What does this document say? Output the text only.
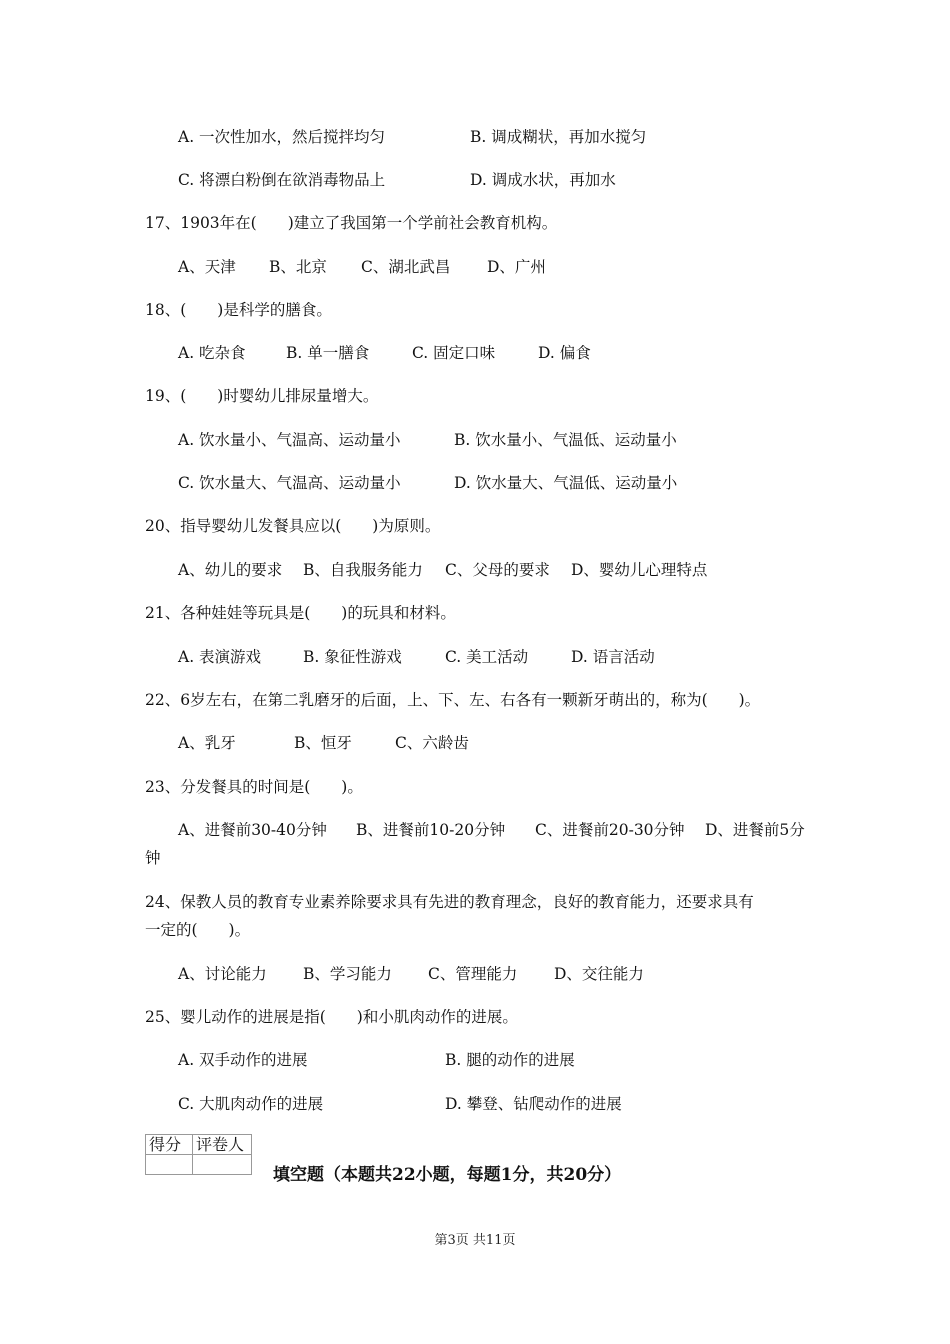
A. 一次性加水，然后搅拌均匀	B. 调成糊状，再加水搅匀
C. 将漂白粉倒在欲消毒物品上	D. 调成水状，再加水
17、1903年在(　　)建立了我国第一个学前社会教育机构。
A、天津 B、北京 C、湖北武昌 D、广州
18、(　　)是科学的膳食。
A. 吃杂食	B. 单一膳食	C. 固定口味	D. 偏食
19、(　　)时婴幼儿排尿量增大。
A. 饮水量小、气温高、运动量小	B. 饮水量小、气温低、运动量小
C. 饮水量大、气温高、运动量小	D. 饮水量大、气温低、运动量小
20、指导婴幼儿发餐具应以(　　)为原则。
A、幼儿的要求 B、自我服务能力 C、父母的要求 D、婴幼儿心理特点
21、各种娃娃等玩具是(　　)的玩具和材料。
A. 表演游戏	B. 象征性游戏	C. 美工活动	D. 语言活动
22、6岁左右，在第二乳磨牙的后面，上、下、左、右各有一颗新牙萌出的，称为(　　)。
A、乳牙	B、恒牙	C、六龄齿
23、分发餐具的时间是(　　)。
A、进餐前30-40分钟 B、进餐前10-20分钟 C、进餐前20-30分钟 D、进餐前5分
钟
24、保教人员的教育专业素养除要求具有先进的教育理念，良好的教育能力，还要求具有
一定的(　　)。
A、讨论能力 B、学习能力 C、管理能力 D、交往能力
25、婴儿动作的进展是指(　　)和小肌肉动作的进展。
A. 双手动作的进展	B. 腿的动作的进展
C. 大肌肉动作的进展	D. 攀登、钻爬动作的进展
得分	评卷人

填空题（本题共22小题，每题1分，共20分）
第3页 共11页
